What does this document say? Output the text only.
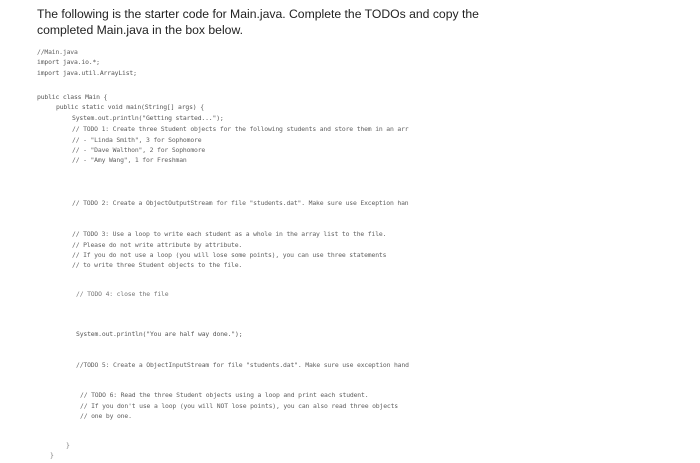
The following is the starter code for Main.java. Complete the TODOs and copy the
completed Main.java in the box below.
//Main.java
import java.io.*;
import java.util.ArrayList;
public class Main {
public static void main(String[] args) {
System.out.println("Getting started...");
// TODO 1: Create three Student objects for the following students and store them in an arr
// - "Linda Smith", 3 for Sophomore
// - "Dave Walthon", 2 for Sophomore
// - "Amy Wang", 1 for Freshman
// TODO 2: Create a ObjectOutputStream for file "students.dat". Make sure use Exception han
// TODO 3: Use a loop to write each student as a whole in the array list to the file.
// Please do not write attribute by attribute.
// If you do not use a loop (you will lose some points), you can use three statements
// to write three Student objects to the file.
// TODO 4: close the file
System.out.println("You are half way done.");
//TODO 5: Create a ObjectInputStream for file "students.dat". Make sure use exception hand
// TODO 6: Read the three Student objects using a loop and print each student.
// If you don't use a loop (you will NOT lose points), you can also read three objects
// one by one.
}
}
